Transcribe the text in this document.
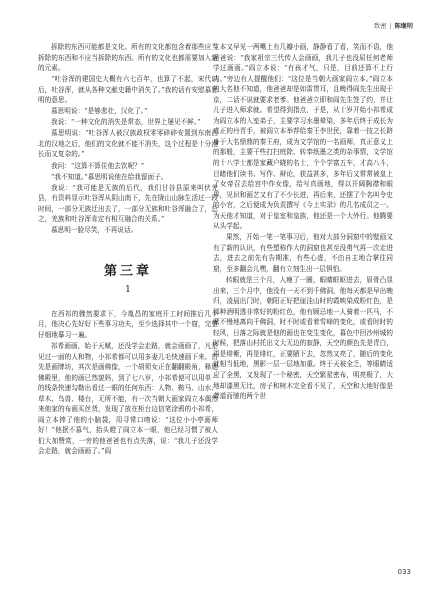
致密 | 陈继明

拆除的东西可能都是文化。所有的文化都包含着那些应当拆除的东西和不应当拆除的东西。所有的文化也都需要加入新的元素。

“吐谷浑的建国史大概有六七百年，也算了不起，宋代以后，吐谷浑，就从各种文献史籍中消失了。”我的话有安慰慕思明的意思。

慕思明说：“是够悲壮，汉化了。”

我说：“一种文化的消失是常态，世界上屡见不鲜。”

慕思明说：“吐谷浑人被汉族政权零零碎碎安置到东南西北的汉地之后，他们的文化就不能不消失，这个过程是十分漫长而又复杂的。”

我问：“这算不算住他去饮呢？”

“我不知道。”慕思明说他在给我留面子。

我说：“我可能是无族的后代，我们甘谷县原来叫伏羌县，有资料显示吐谷浑从阴山南下，先在陇山山脉生活过一段时间，一部分无族迁出去了，一部分无族和吐谷浑融合了，总之，羌族和吐谷浑肯定有相互融合的关系。”

慕思明一脸尽笑，不再说话。

第三章
1

在西祁的骤然要求下，今胤昌的家庭开工时间推后几个月，他决心先好好下些事习功夫，至少选择其中一个窟，完整仔细地摹习一遍。

祁希画画，始于天赋，还没学会走路，就会画画了，凡是见过一面的人和物，小祁希都可以用多妻儿毛快速画下来。首先是画牌坊，其次是画佛像，一个胡须女正在翻翻殿角，释迦佛殿里，他的画已然貌妈，到了七八岁，小祁希便可以用单一的线条快速勾勒出看过一眼的任何东西：人物、鞍马、山水、草木、鸟兽、楼台，无所不能，有一次当朝大画家阎立本偶然来他家的布画买丝货，发现了放在柜台边信笔涂鸦的小祁希，阎立本捧了他的小脑袋，用寻常口吻说：“这位小小亭画师好！”他抿不慕气，抬头瞪了阎立本一眼，他已经习惯了被人们大加赞赏，一旁的他爸爸也有点失落，说：“我儿子还没学会走路，就会画画了。”阎

立本又早见一两嘴上有几瓣小画，静静看了看，笑而不语，他爸爸说：“我家祖宗三代传人会画画，我儿子也没屈任何老师学过画画。”阎立本说：“有孩才气，只是，目前还算不上行内。”旁边有人提醒他们：“这位是当朝大画家阎立本。”阎立本的大名他不知道，他爸爸却是如雷贯耳，且晚得阎先生出现于京，二话不说就要求老爹。他爸爸立即和阎先生签了约，并让儿子进入师求就。希望得到指点，于是，从十岁开始小祁希成为阎立本的入室弟子，主要学习水墨晕染，多年后终于成长为真正的丹青手，被阎立本举荐给秦王李世民，靠着一技之长跻身于大名鼎鼎的秦王府，成为文学馆的一名画师，真正意义上的那般，主要干些打扫庭除、转奉纸墨之类的杂事情，文学馆的十八学士都是家藏户晓的名士，个个学富五车，才高八斗，目睹他们读书、写作、辩论，获益甚多，多年后又常常被皇上了女帝召去给宫中作女像，给写真画地，得以开阔胸襟和眼界，见识和画艺又有了不少长进，再后来，还摆了个名叫令史的小官，之后便成为负责撰写《今上实录》的几名成员之一。为天他才知道，对于皇室和皇族，他还是一个大外行。他腾要从头学起。

果然，开始一笔一笔事习后，他对大部分洞窟中的壁画又有了新的认识，有些塑称作大的洞窟也甚至没勇气再一次走进去，进去之前先有告期准，有些心虚，不由自主地合掌往同窟，至多翻会儿嘿，翻有立刻生出一层惧怕。

转眼就是三个月，人瘦了一圈，眼睛眶眍进去，眉骨凸显出来，三个月中，他没有一天不到千佛洞，他每天都是早出晚归，凌晨出门时，朝阳正好把崖洼山时的霞映染成粉红色，是那种酒明透非常好的粉红色，他有顾忌地一人骑着一匹马，不紧不慢地离向千佛洞，时不时或看着雪峰的变化，或看时时的轻风，日落之际就是他的画也在变生变化，暮色中回沙州城的时候，把落山村托出文大无边的寂静，天空的颜色先是青白，再是绯紫，再是绯红，正要陋下去，忽然又亮了，随后的变化就相当低地，黑影一层一层地加重。终于天被全乏，等眼睛适应了全黑，又发现了一个秘密，天空繁星密布，明亮极了，大地却漆黑无比，房子和树木完全看不见了，天空和大地好像是聋道而驰的两个世

033
